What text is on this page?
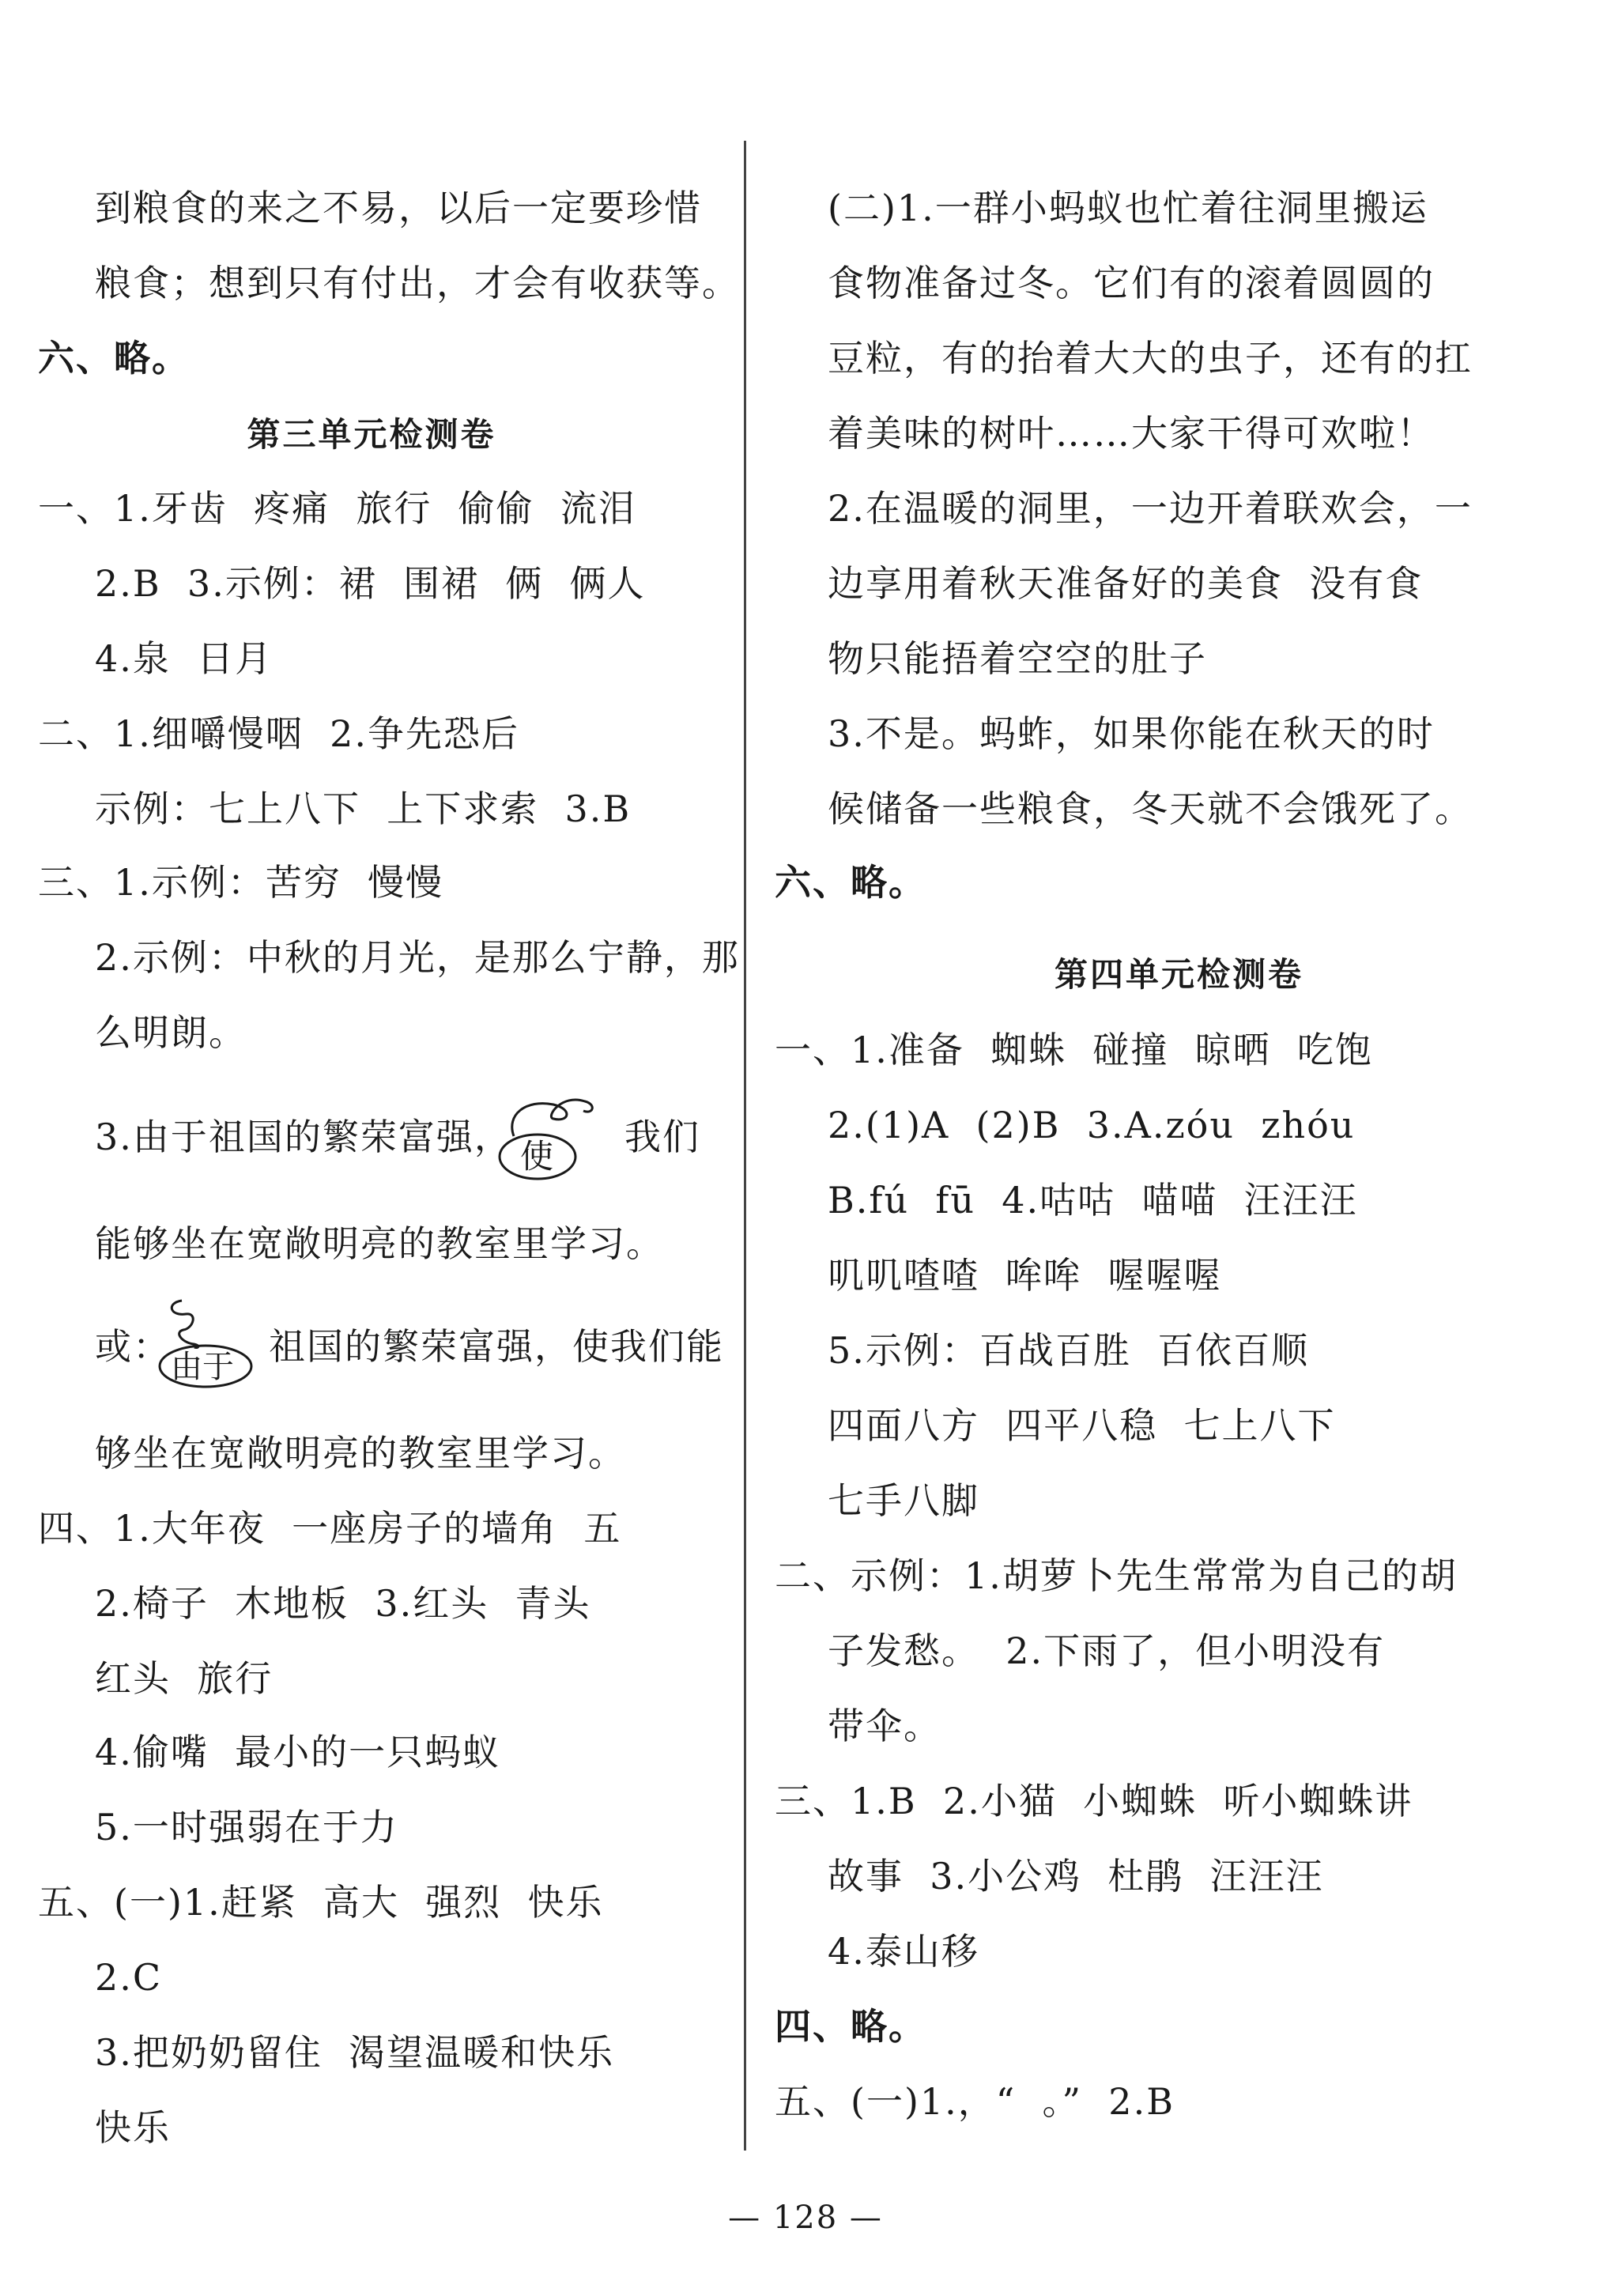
到粮食的来之不易，以后一定要珍惜
粮食；想到只有付出，才会有收获等。
六、略。
第三单元检测卷
一、1.牙齿  疼痛  旅行  偷偷  流泪
2.B  3.示例：裙  围裙  俩  俩人
4.泉  日月
二、1.细嚼慢咽  2.争先恐后
示例：七上八下  上下求索  3.B
三、1.示例：苦穷  慢慢
2.示例：中秋的月光，是那么宁静，那
么明朗。
3.由于祖国的繁荣富强， 使 我们
能够坐在宽敞明亮的教室里学习。
或： 由于 祖国的繁荣富强，使我们能
够坐在宽敞明亮的教室里学习。
四、1.大年夜  一座房子的墙角  五
2.椅子  木地板  3.红头  青头
红头  旅行
4.偷嘴  最小的一只蚂蚁
5.一时强弱在于力
五、(一)1.赶紧  高大  强烈  快乐
2.C
3.把奶奶留住  渴望温暖和快乐
快乐
(二)1.一群小蚂蚁也忙着往洞里搬运
食物准备过冬。它们有的滚着圆圆的
豆粒，有的抬着大大的虫子，还有的扛
着美味的树叶……大家干得可欢啦！
2.在温暖的洞里，一边开着联欢会，一
边享用着秋天准备好的美食  没有食
物只能捂着空空的肚子
3.不是。蚂蚱，如果你能在秋天的时
候储备一些粮食，冬天就不会饿死了。
六、略。
第四单元检测卷
一、1.准备  蜘蛛  碰撞  晾晒  吃饱
2.(1)A  (2)B  3.A.zóu  zhóu
B.fú  fū  4.咕咕  喵喵  汪汪汪
叽叽喳喳  哞哞  喔喔喔
5.示例：百战百胜  百依百顺
四面八方  四平八稳  七上八下
七手八脚
二、示例：1.胡萝卜先生常常为自己的胡
子发愁。  2.下雨了，但小明没有
带伞。
三、1.B  2.小猫  小蜘蛛  听小蜘蛛讲
故事  3.小公鸡  杜鹃  汪汪汪
4.泰山移
四、略。
五、(一)1.，“  。”  2.B
— 128 —
